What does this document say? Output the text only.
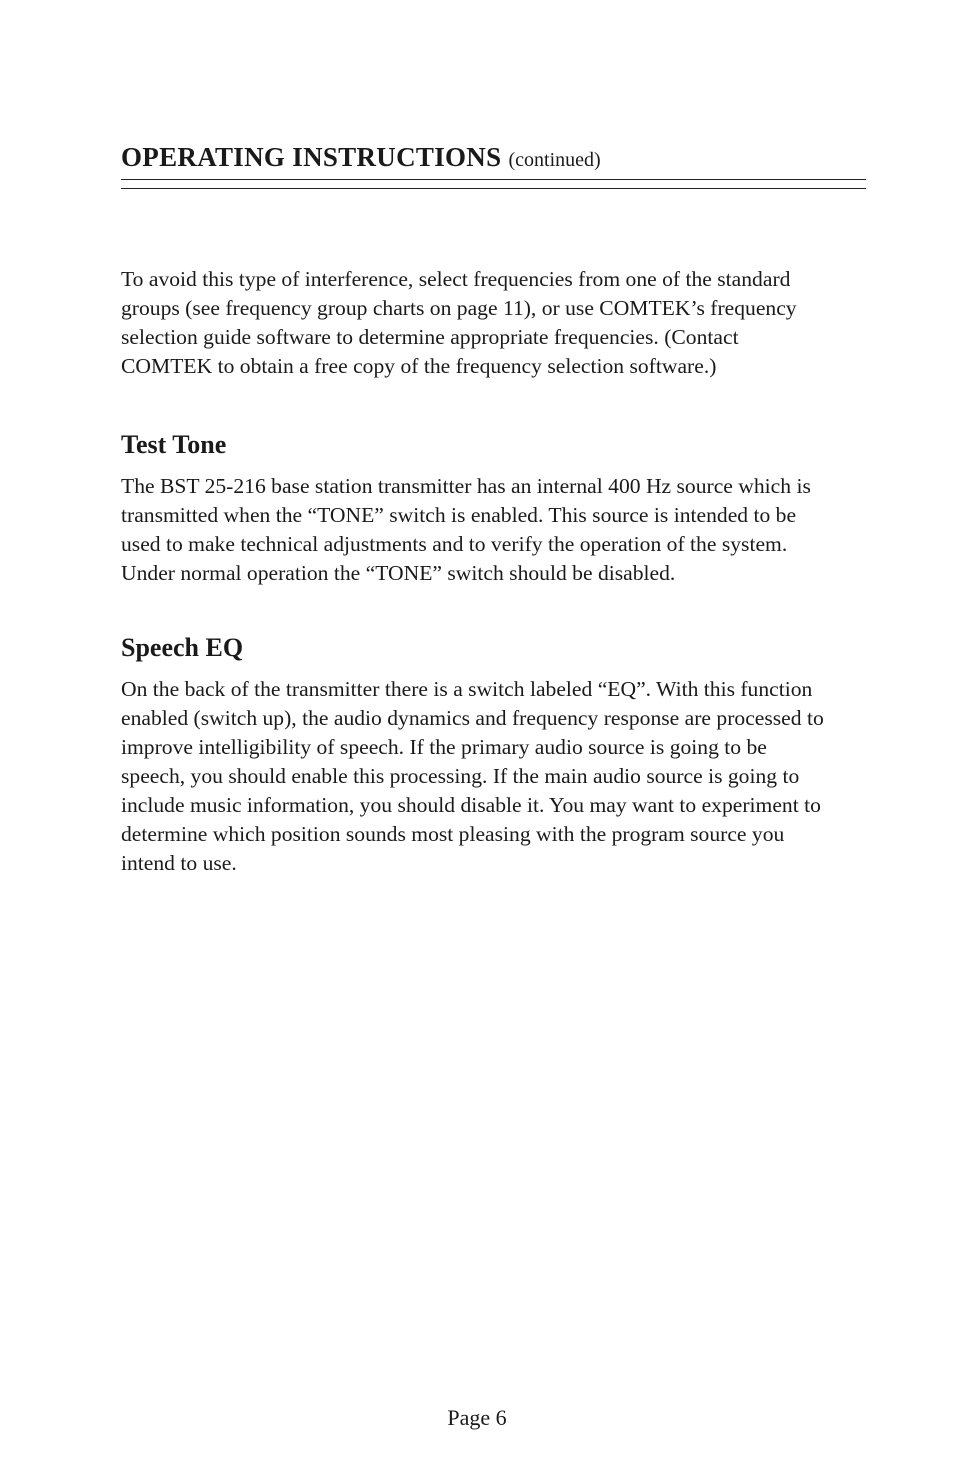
OPERATING INSTRUCTIONS (continued)

To avoid this type of interference, select frequencies from one of the standard groups (see frequency group charts on page 11), or use COMTEK’s frequency selection guide software to determine appropriate frequencies. (Contact COMTEK to obtain a free copy of the frequency selection software.)

Test Tone

The BST 25-216 base station transmitter has an internal 400 Hz source which is transmitted when the “TONE” switch is enabled. This source is intended to be used to make technical adjustments and to verify the operation of the system. Under normal operation the “TONE” switch should be disabled.

Speech EQ

On the back of the transmitter there is a switch labeled “EQ”. With this function enabled (switch up), the audio dynamics and frequency response are processed to improve intelligibility of speech. If the primary audio source is going to be speech, you should enable this processing. If the main audio source is going to include music information, you should disable it. You may want to experiment to determine which position sounds most pleasing with the program source you intend to use.

Page 6
